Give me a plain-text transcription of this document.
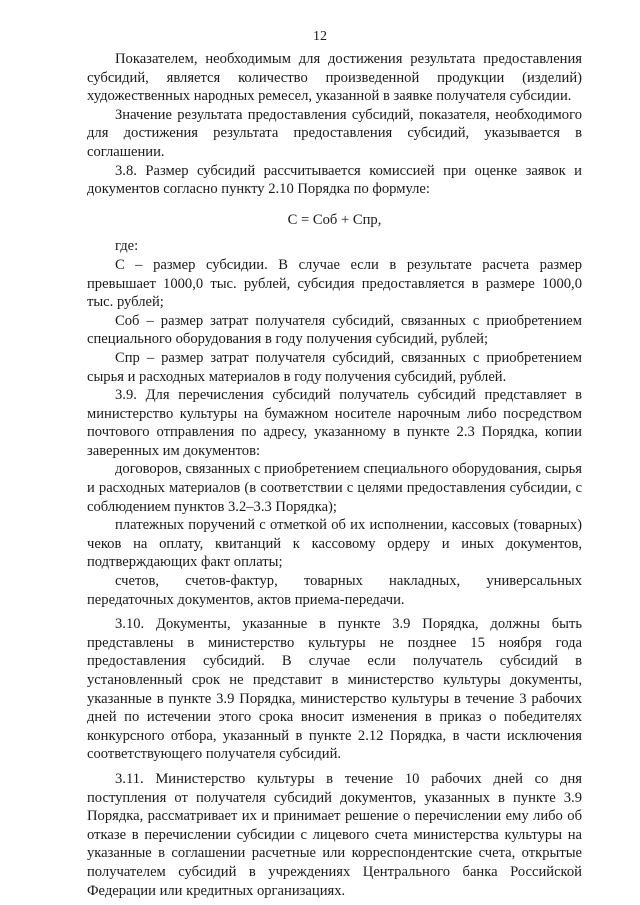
12

Показателем, необходимым для достижения результата предоставления субсидий, является количество произведенной продукции (изделий) художественных народных ремесел, указанной в заявке получателя субсидии.

Значение результата предоставления субсидий, показателя, необходимого для достижения результата предоставления субсидий, указывается в соглашении.

3.8. Размер субсидий рассчитывается комиссией при оценке заявок и документов согласно пункту 2.10 Порядка по формуле:

С = Соб + Спр,

где:

С – размер субсидии. В случае если в результате расчета размер превышает 1000,0 тыс. рублей, субсидия предоставляется в размере 1000,0 тыс. рублей;

Соб – размер затрат получателя субсидий, связанных с приобретением специального оборудования в году получения субсидий, рублей;

Спр – размер затрат получателя субсидий, связанных с приобретением сырья и расходных материалов в году получения субсидий, рублей.

3.9. Для перечисления субсидий получатель субсидий представляет в министерство культуры на бумажном носителе нарочным либо посредством почтового отправления по адресу, указанному в пункте 2.3 Порядка, копии заверенных им документов:

договоров, связанных с приобретением специального оборудования, сырья и расходных материалов (в соответствии с целями предоставления субсидии, с соблюдением пунктов 3.2–3.3 Порядка);

платежных поручений с отметкой об их исполнении, кассовых (товарных) чеков на оплату, квитанций к кассовому ордеру и иных документов, подтверждающих факт оплаты;

счетов, счетов-фактур, товарных накладных, универсальных передаточных документов, актов приема-передачи.

3.10. Документы, указанные в пункте 3.9 Порядка, должны быть представлены в министерство культуры не позднее 15 ноября года предоставления субсидий. В случае если получатель субсидий в установленный срок не представит в министерство культуры документы, указанные в пункте 3.9 Порядка, министерство культуры в течение 3 рабочих дней по истечении этого срока вносит изменения в приказ о победителях конкурсного отбора, указанный в пункте 2.12 Порядка, в части исключения соответствующего получателя субсидий.

3.11. Министерство культуры в течение 10 рабочих дней со дня поступления от получателя субсидий документов, указанных в пункте 3.9 Порядка, рассматривает их и принимает решение о перечислении ему либо об отказе в перечислении субсидии с лицевого счета министерства культуры на указанные в соглашении расчетные или корреспондентские счета, открытые получателем субсидий в учреждениях Центрального банка Российской Федерации или кредитных организациях.
